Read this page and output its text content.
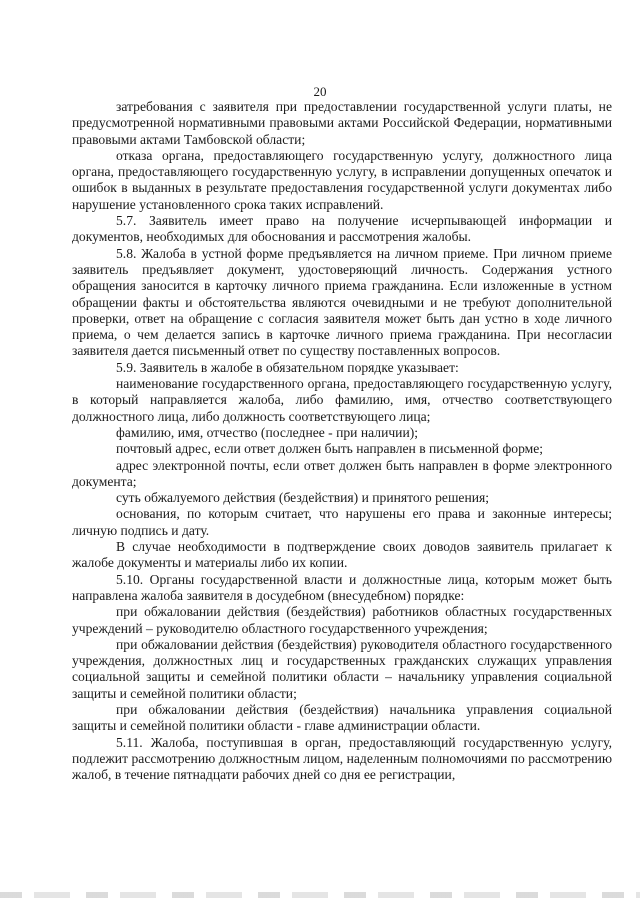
20

затребования с заявителя при предоставлении государственной услуги платы, не предусмотренной нормативными правовыми актами Российской Федерации, нормативными правовыми актами Тамбовской области;

отказа органа, предоставляющего государственную услугу, должностного лица органа, предоставляющего государственную услугу, в исправлении допущенных опечаток и ошибок в выданных в результате предоставления государственной услуги документах либо нарушение установленного срока таких исправлений.

5.7. Заявитель имеет право на получение исчерпывающей информации и документов, необходимых для обоснования и рассмотрения жалобы.

5.8. Жалоба в устной форме предъявляется на личном приеме. При личном приеме заявитель предъявляет документ, удостоверяющий личность. Содержания устного обращения заносится в карточку личного приема гражданина. Если изложенные в устном обращении факты и обстоятельства являются очевидными и не требуют дополнительной проверки, ответ на обращение с согласия заявителя может быть дан устно в ходе личного приема, о чем делается запись в карточке личного приема гражданина. При несогласии заявителя дается письменный ответ по существу поставленных вопросов.

5.9. Заявитель в жалобе в обязательном порядке указывает:

наименование государственного органа, предоставляющего государственную услугу, в который направляется жалоба, либо фамилию, имя, отчество соответствующего должностного лица, либо должность соответствующего лица;

фамилию, имя, отчество (последнее - при наличии);

почтовый адрес, если ответ должен быть направлен в письменной форме;

адрес электронной почты, если ответ должен быть направлен в форме электронного документа;

суть обжалуемого действия (бездействия) и принятого решения;

основания, по которым считает, что нарушены его права и законные интересы; личную подпись и дату.

В случае необходимости в подтверждение своих доводов заявитель прилагает к жалобе документы и материалы либо их копии.

5.10. Органы государственной власти и должностные лица, которым может быть направлена жалоба заявителя в досудебном (внесудебном) порядке:

при обжаловании действия (бездействия) работников областных государственных учреждений – руководителю областного государственного учреждения;

при обжаловании действия (бездействия) руководителя областного государственного учреждения, должностных лиц и государственных гражданских служащих управления социальной защиты и семейной политики области – начальнику управления социальной защиты и семейной политики области;

при обжаловании действия (бездействия) начальника управления социальной защиты и семейной политики области - главе администрации области.

5.11. Жалоба, поступившая в орган, предоставляющий государственную услугу, подлежит рассмотрению должностным лицом, наделенным полномочиями по рассмотрению жалоб, в течение пятнадцати рабочих дней со дня ее регистрации,
